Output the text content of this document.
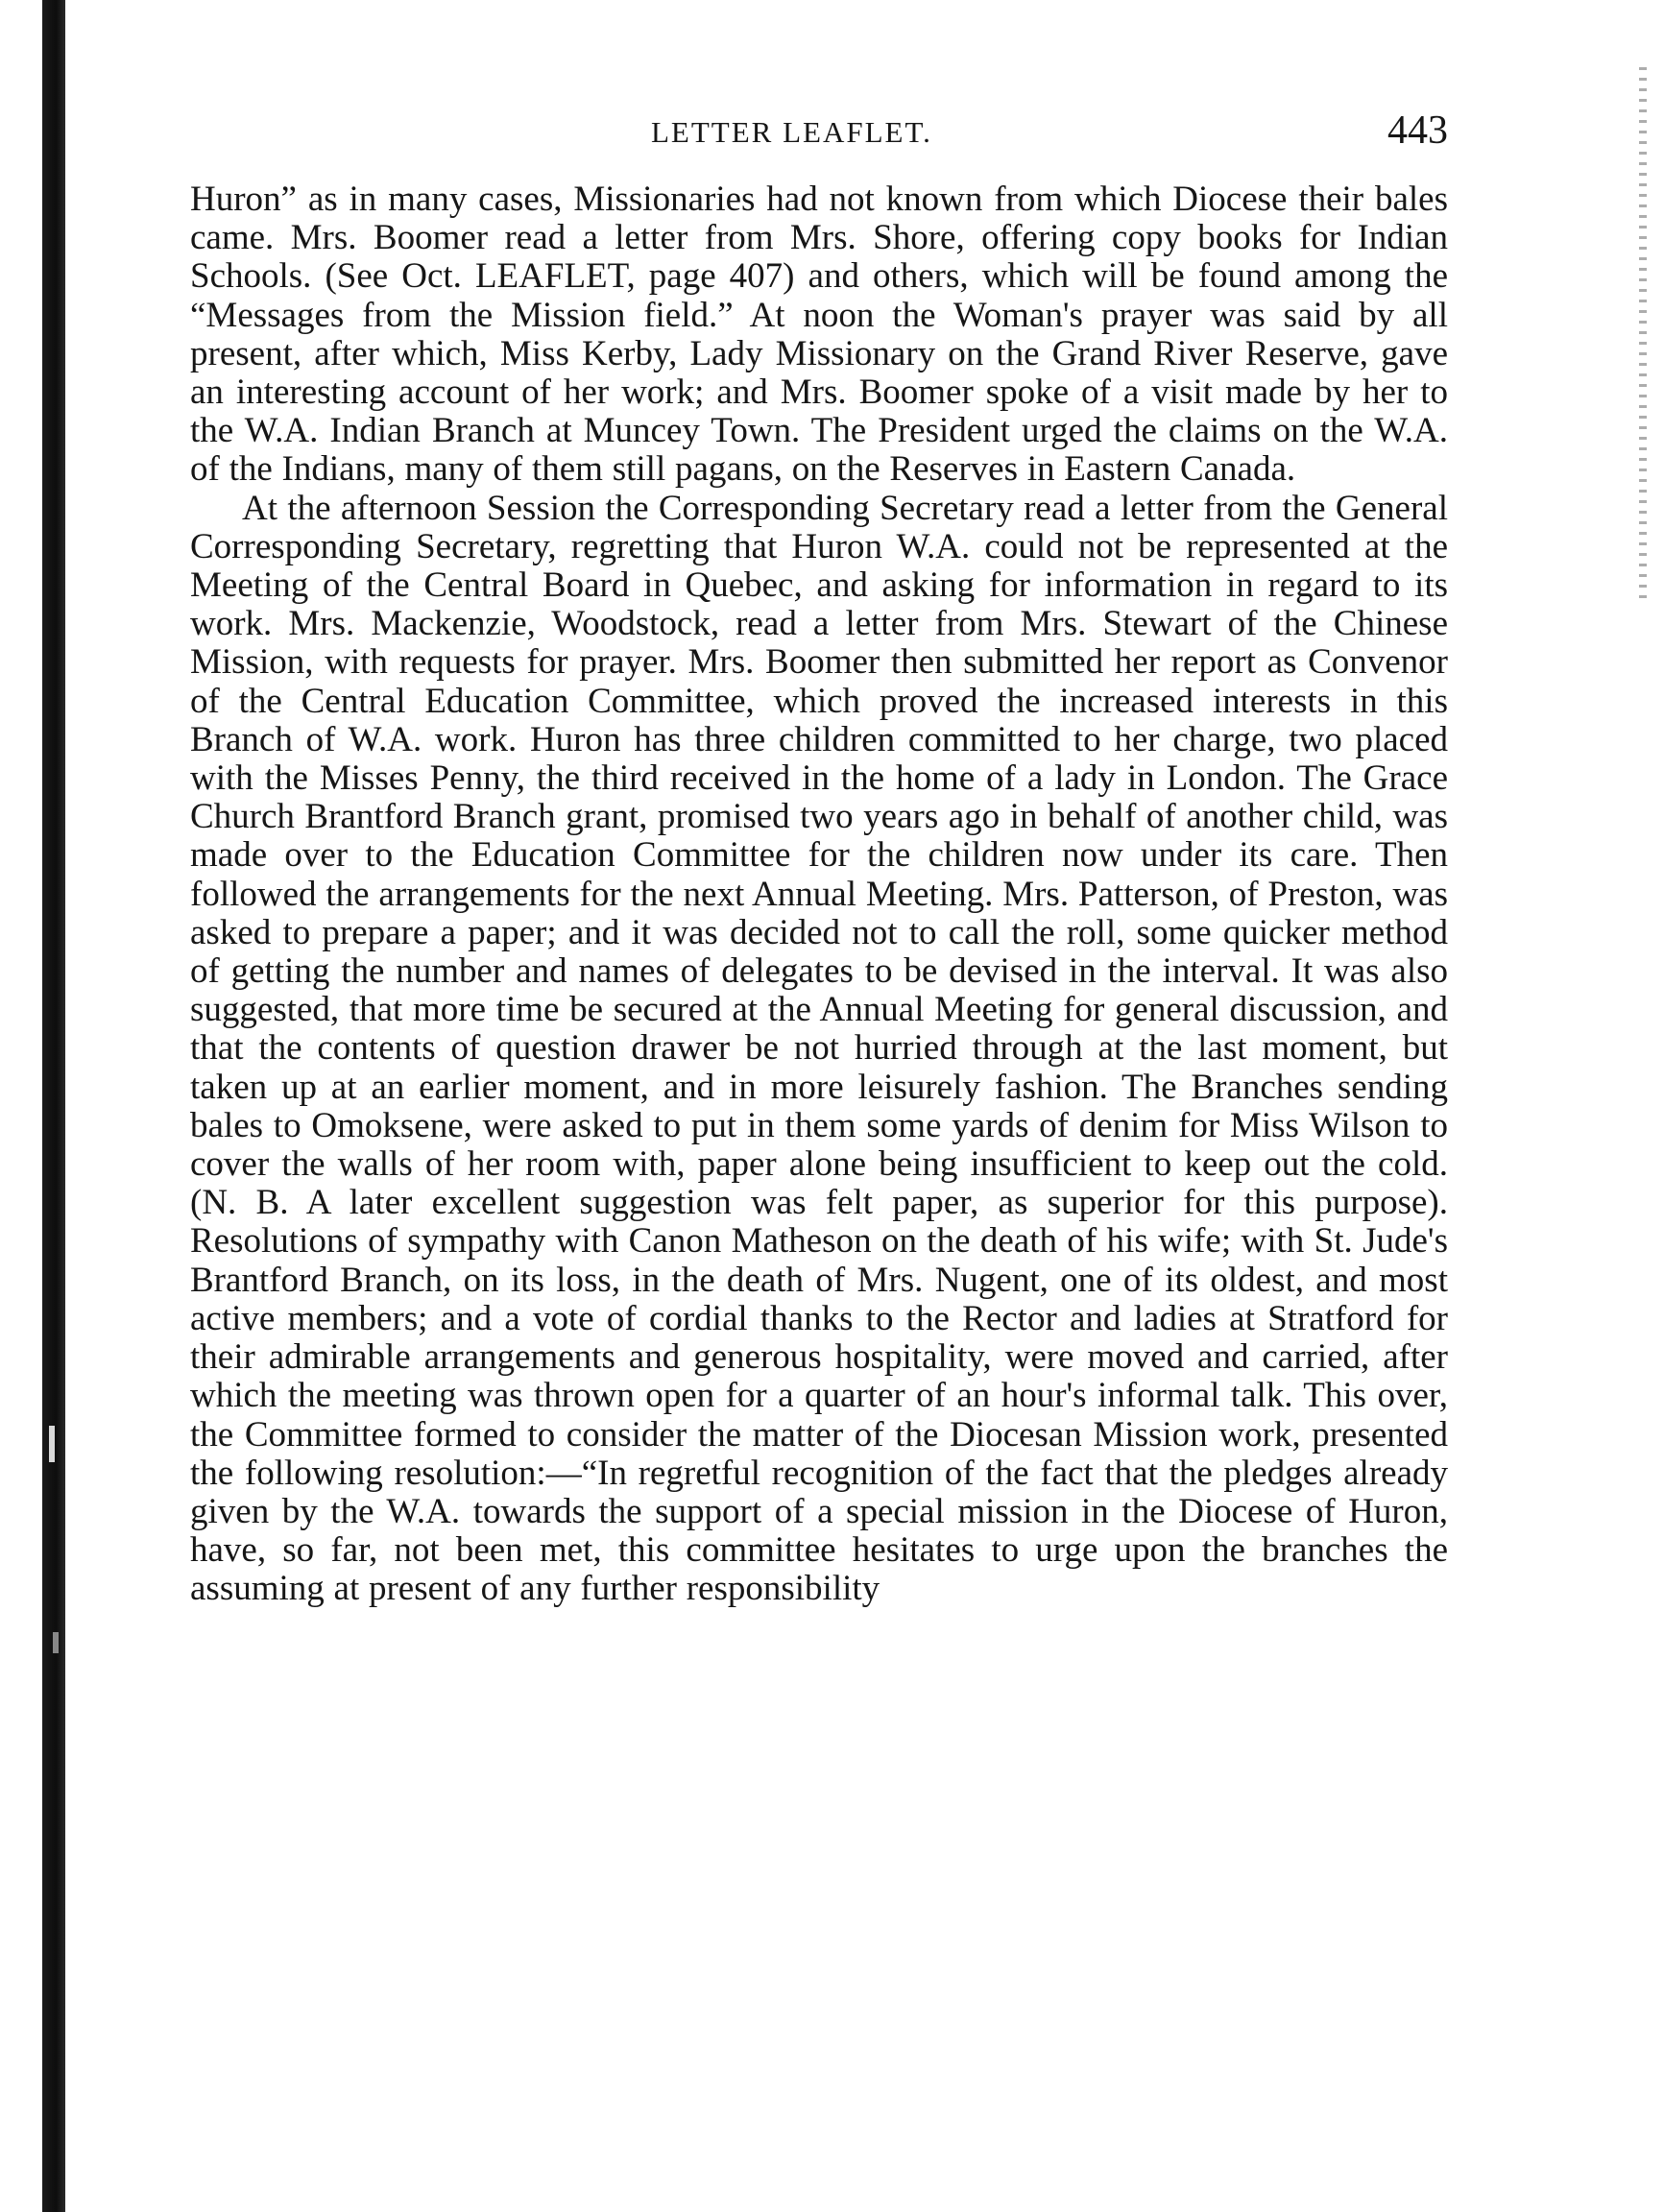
LETTER LEAFLET.	443

Huron” as in many cases, Missionaries had not known from which Diocese their bales came. Mrs. Boomer read a letter from Mrs. Shore, offering copy books for Indian Schools. (See Oct. LEAFLET, page 407) and others, which will be found among the “Messages from the Mission field.” At noon the Woman's prayer was said by all present, after which, Miss Kerby, Lady Missionary on the Grand River Reserve, gave an interesting account of her work; and Mrs. Boomer spoke of a visit made by her to the W.A. Indian Branch at Muncey Town. The President urged the claims on the W.A. of the Indians, many of them still pagans, on the Reserves in Eastern Canada.

At the afternoon Session the Corresponding Secretary read a letter from the General Corresponding Secretary, regretting that Huron W.A. could not be represented at the Meeting of the Central Board in Quebec, and asking for information in regard to its work. Mrs. Mackenzie, Woodstock, read a letter from Mrs. Stewart of the Chinese Mission, with requests for prayer. Mrs. Boomer then submitted her report as Convenor of the Central Education Committee, which proved the increased interests in this Branch of W.A. work. Huron has three children committed to her charge, two placed with the Misses Penny, the third received in the home of a lady in London. The Grace Church Brantford Branch grant, promised two years ago in behalf of another child, was made over to the Education Committee for the children now under its care. Then followed the arrangements for the next Annual Meeting. Mrs. Patterson, of Preston, was asked to prepare a paper; and it was decided not to call the roll, some quicker method of getting the number and names of delegates to be devised in the interval. It was also suggested, that more time be secured at the Annual Meeting for general discussion, and that the contents of question drawer be not hurried through at the last moment, but taken up at an earlier moment, and in more leisurely fashion. The Branches sending bales to Omoksene, were asked to put in them some yards of denim for Miss Wilson to cover the walls of her room with, paper alone being insufficient to keep out the cold. (N. B. A later excellent suggestion was felt paper, as superior for this purpose). Resolutions of sympathy with Canon Matheson on the death of his wife; with St. Jude's Brantford Branch, on its loss, in the death of Mrs. Nugent, one of its oldest, and most active members; and a vote of cordial thanks to the Rector and ladies at Stratford for their admirable arrangements and generous hospitality, were moved and carried, after which the meeting was thrown open for a quarter of an hour's informal talk. This over, the Committee formed to consider the matter of the Diocesan Mission work, presented the following resolution:—“In regretful recognition of the fact that the pledges already given by the W.A. towards the support of a special mission in the Diocese of Huron, have, so far, not been met, this committee hesitates to urge upon the branches the assuming at present of any further responsibility
